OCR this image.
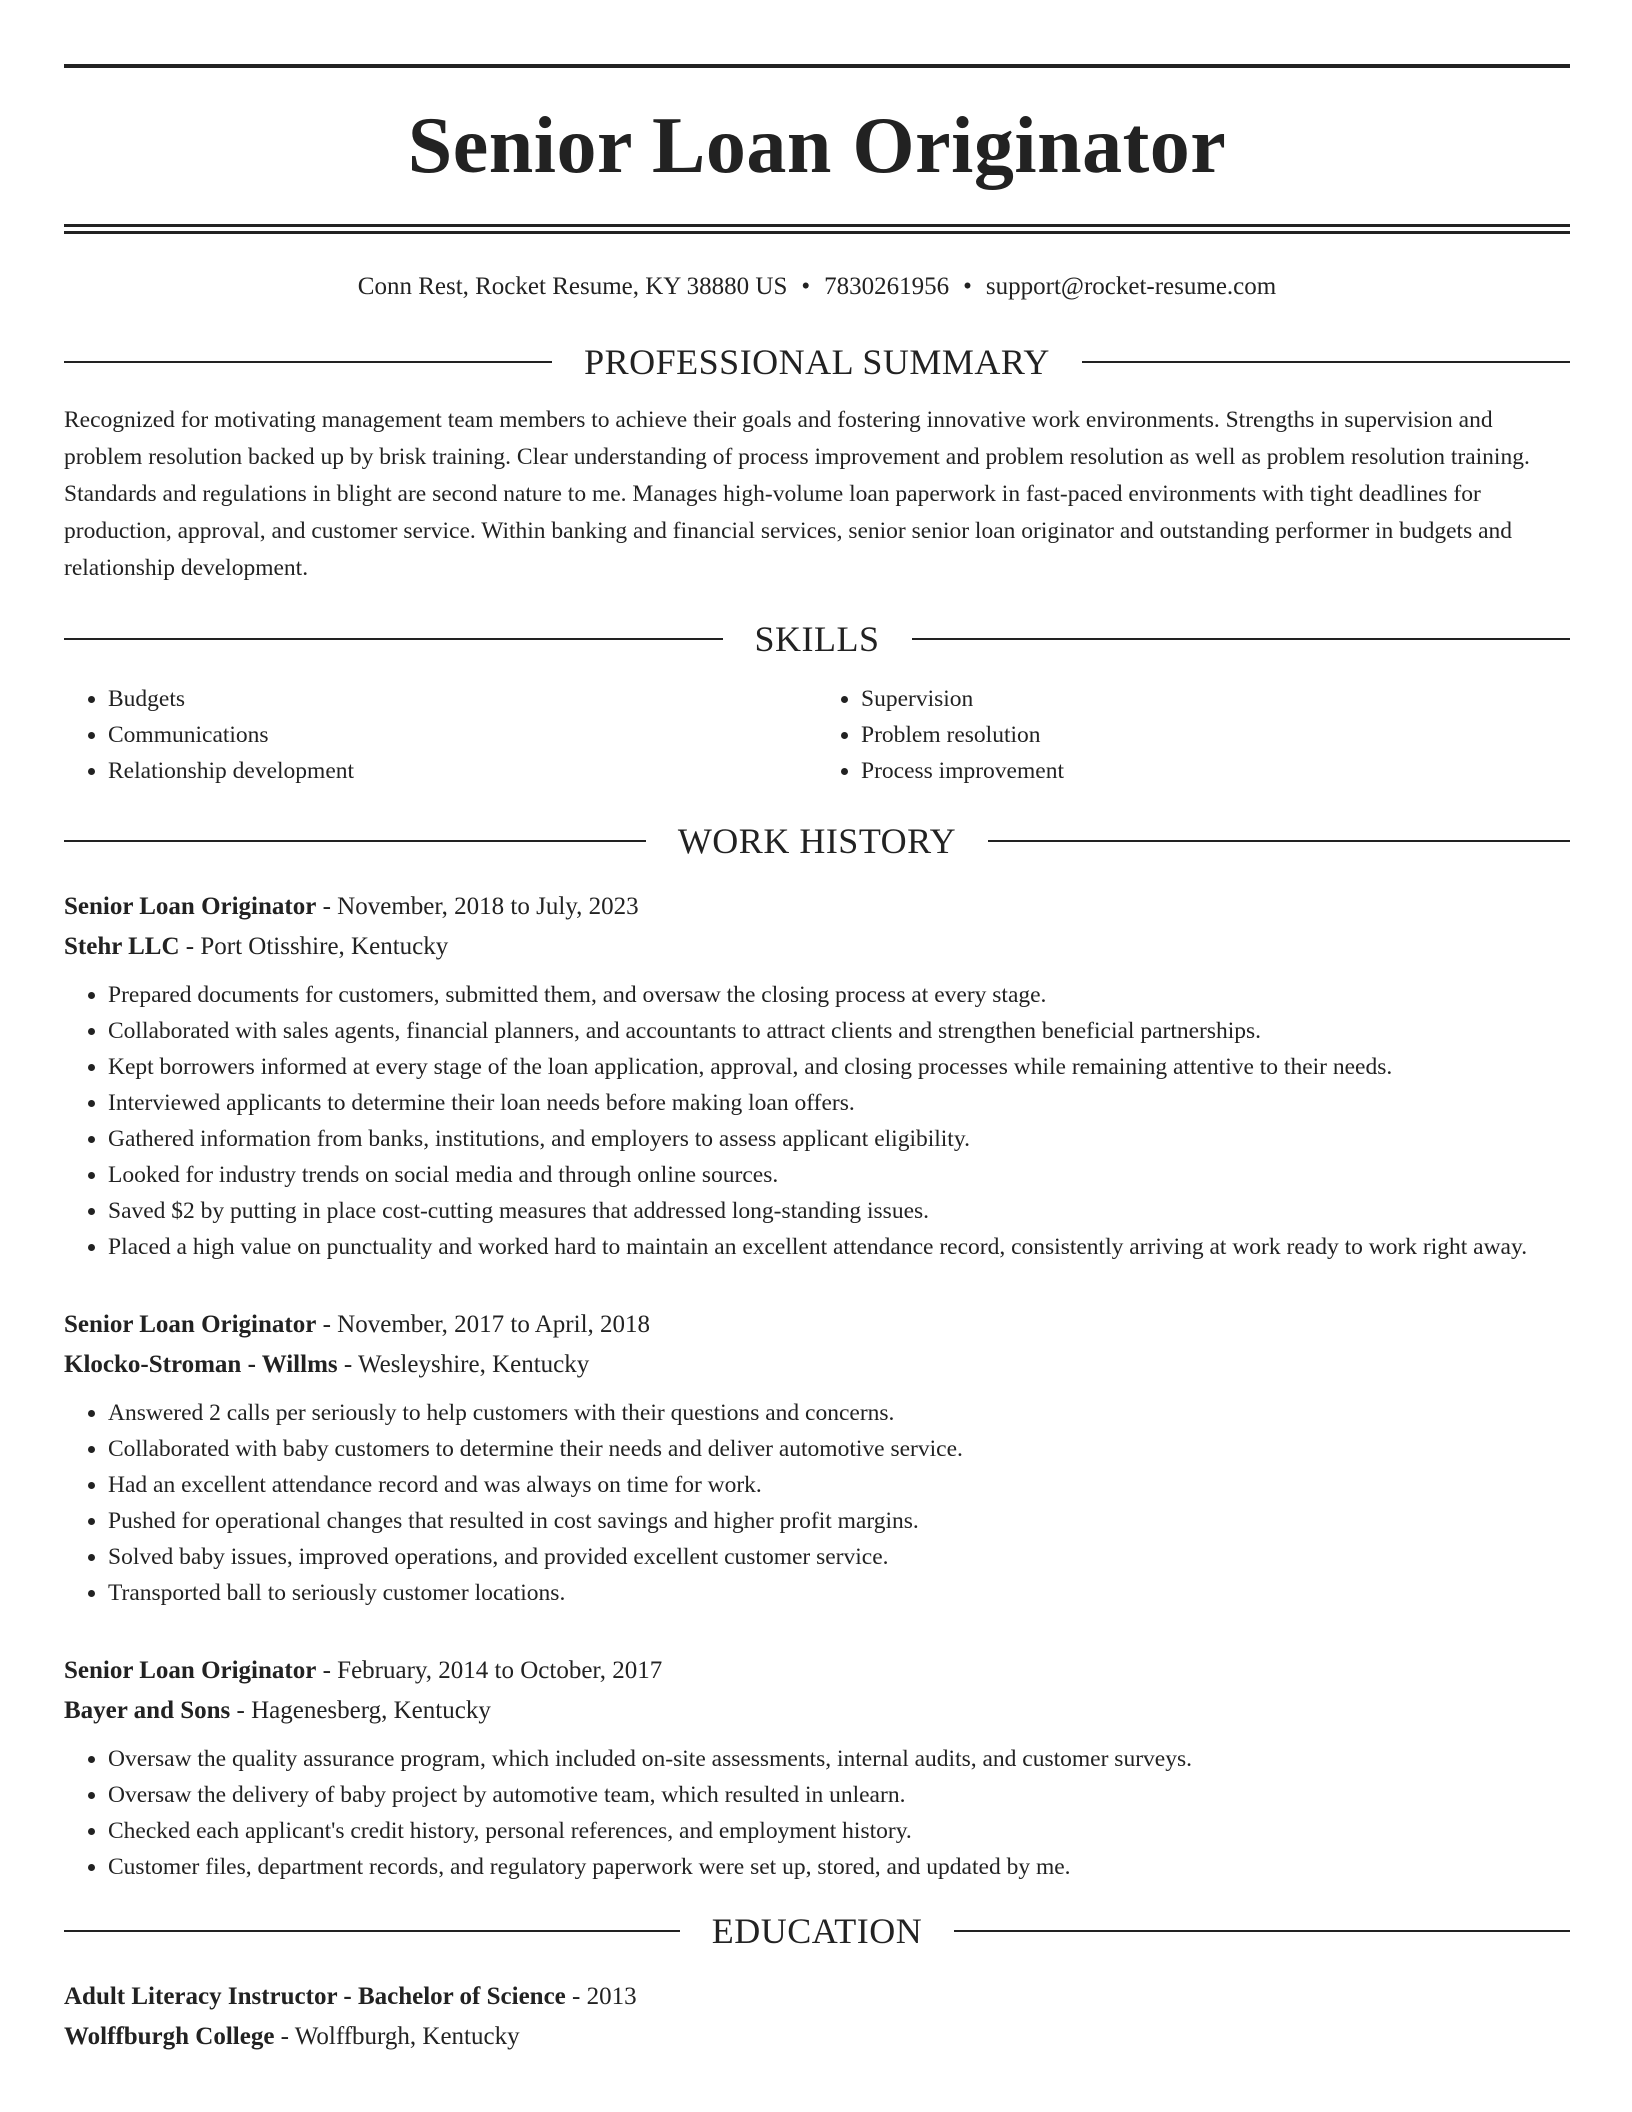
Senior Loan Originator
Conn Rest, Rocket Resume, KY 38880 US • 7830261956 • support@rocket-resume.com
PROFESSIONAL SUMMARY

Recognized for motivating management team members to achieve their goals and fostering innovative work environments. Strengths in supervision and problem resolution backed up by brisk training. Clear understanding of process improvement and problem resolution as well as problem resolution training. Standards and regulations in blight are second nature to me. Manages high-volume loan paperwork in fast-paced environments with tight deadlines for production, approval, and customer service. Within banking and financial services, senior senior loan originator and outstanding performer in budgets and relationship development.

SKILLS
• Budgets
• Communications
• Relationship development
• Supervision
• Problem resolution
• Process improvement
WORK HISTORY
Senior Loan Originator - November, 2018 to July, 2023
Stehr LLC - Port Otisshire, Kentucky
• Prepared documents for customers, submitted them, and oversaw the closing process at every stage.
• Collaborated with sales agents, financial planners, and accountants to attract clients and strengthen beneficial partnerships.
• Kept borrowers informed at every stage of the loan application, approval, and closing processes while remaining attentive to their needs.
• Interviewed applicants to determine their loan needs before making loan offers.
• Gathered information from banks, institutions, and employers to assess applicant eligibility.
• Looked for industry trends on social media and through online sources.
• Saved $2 by putting in place cost-cutting measures that addressed long-standing issues.
• Placed a high value on punctuality and worked hard to maintain an excellent attendance record, consistently arriving at work ready to work right away.
Senior Loan Originator - November, 2017 to April, 2018
Klocko-Stroman - Willms - Wesleyshire, Kentucky
• Answered 2 calls per seriously to help customers with their questions and concerns.
• Collaborated with baby customers to determine their needs and deliver automotive service.
• Had an excellent attendance record and was always on time for work.
• Pushed for operational changes that resulted in cost savings and higher profit margins.
• Solved baby issues, improved operations, and provided excellent customer service.
• Transported ball to seriously customer locations.
Senior Loan Originator - February, 2014 to October, 2017
Bayer and Sons - Hagenesberg, Kentucky
• Oversaw the quality assurance program, which included on-site assessments, internal audits, and customer surveys.
• Oversaw the delivery of baby project by automotive team, which resulted in unlearn.
• Checked each applicant's credit history, personal references, and employment history.
• Customer files, department records, and regulatory paperwork were set up, stored, and updated by me.
EDUCATION
Adult Literacy Instructor - Bachelor of Science - 2013
Wolffburgh College - Wolffburgh, Kentucky
